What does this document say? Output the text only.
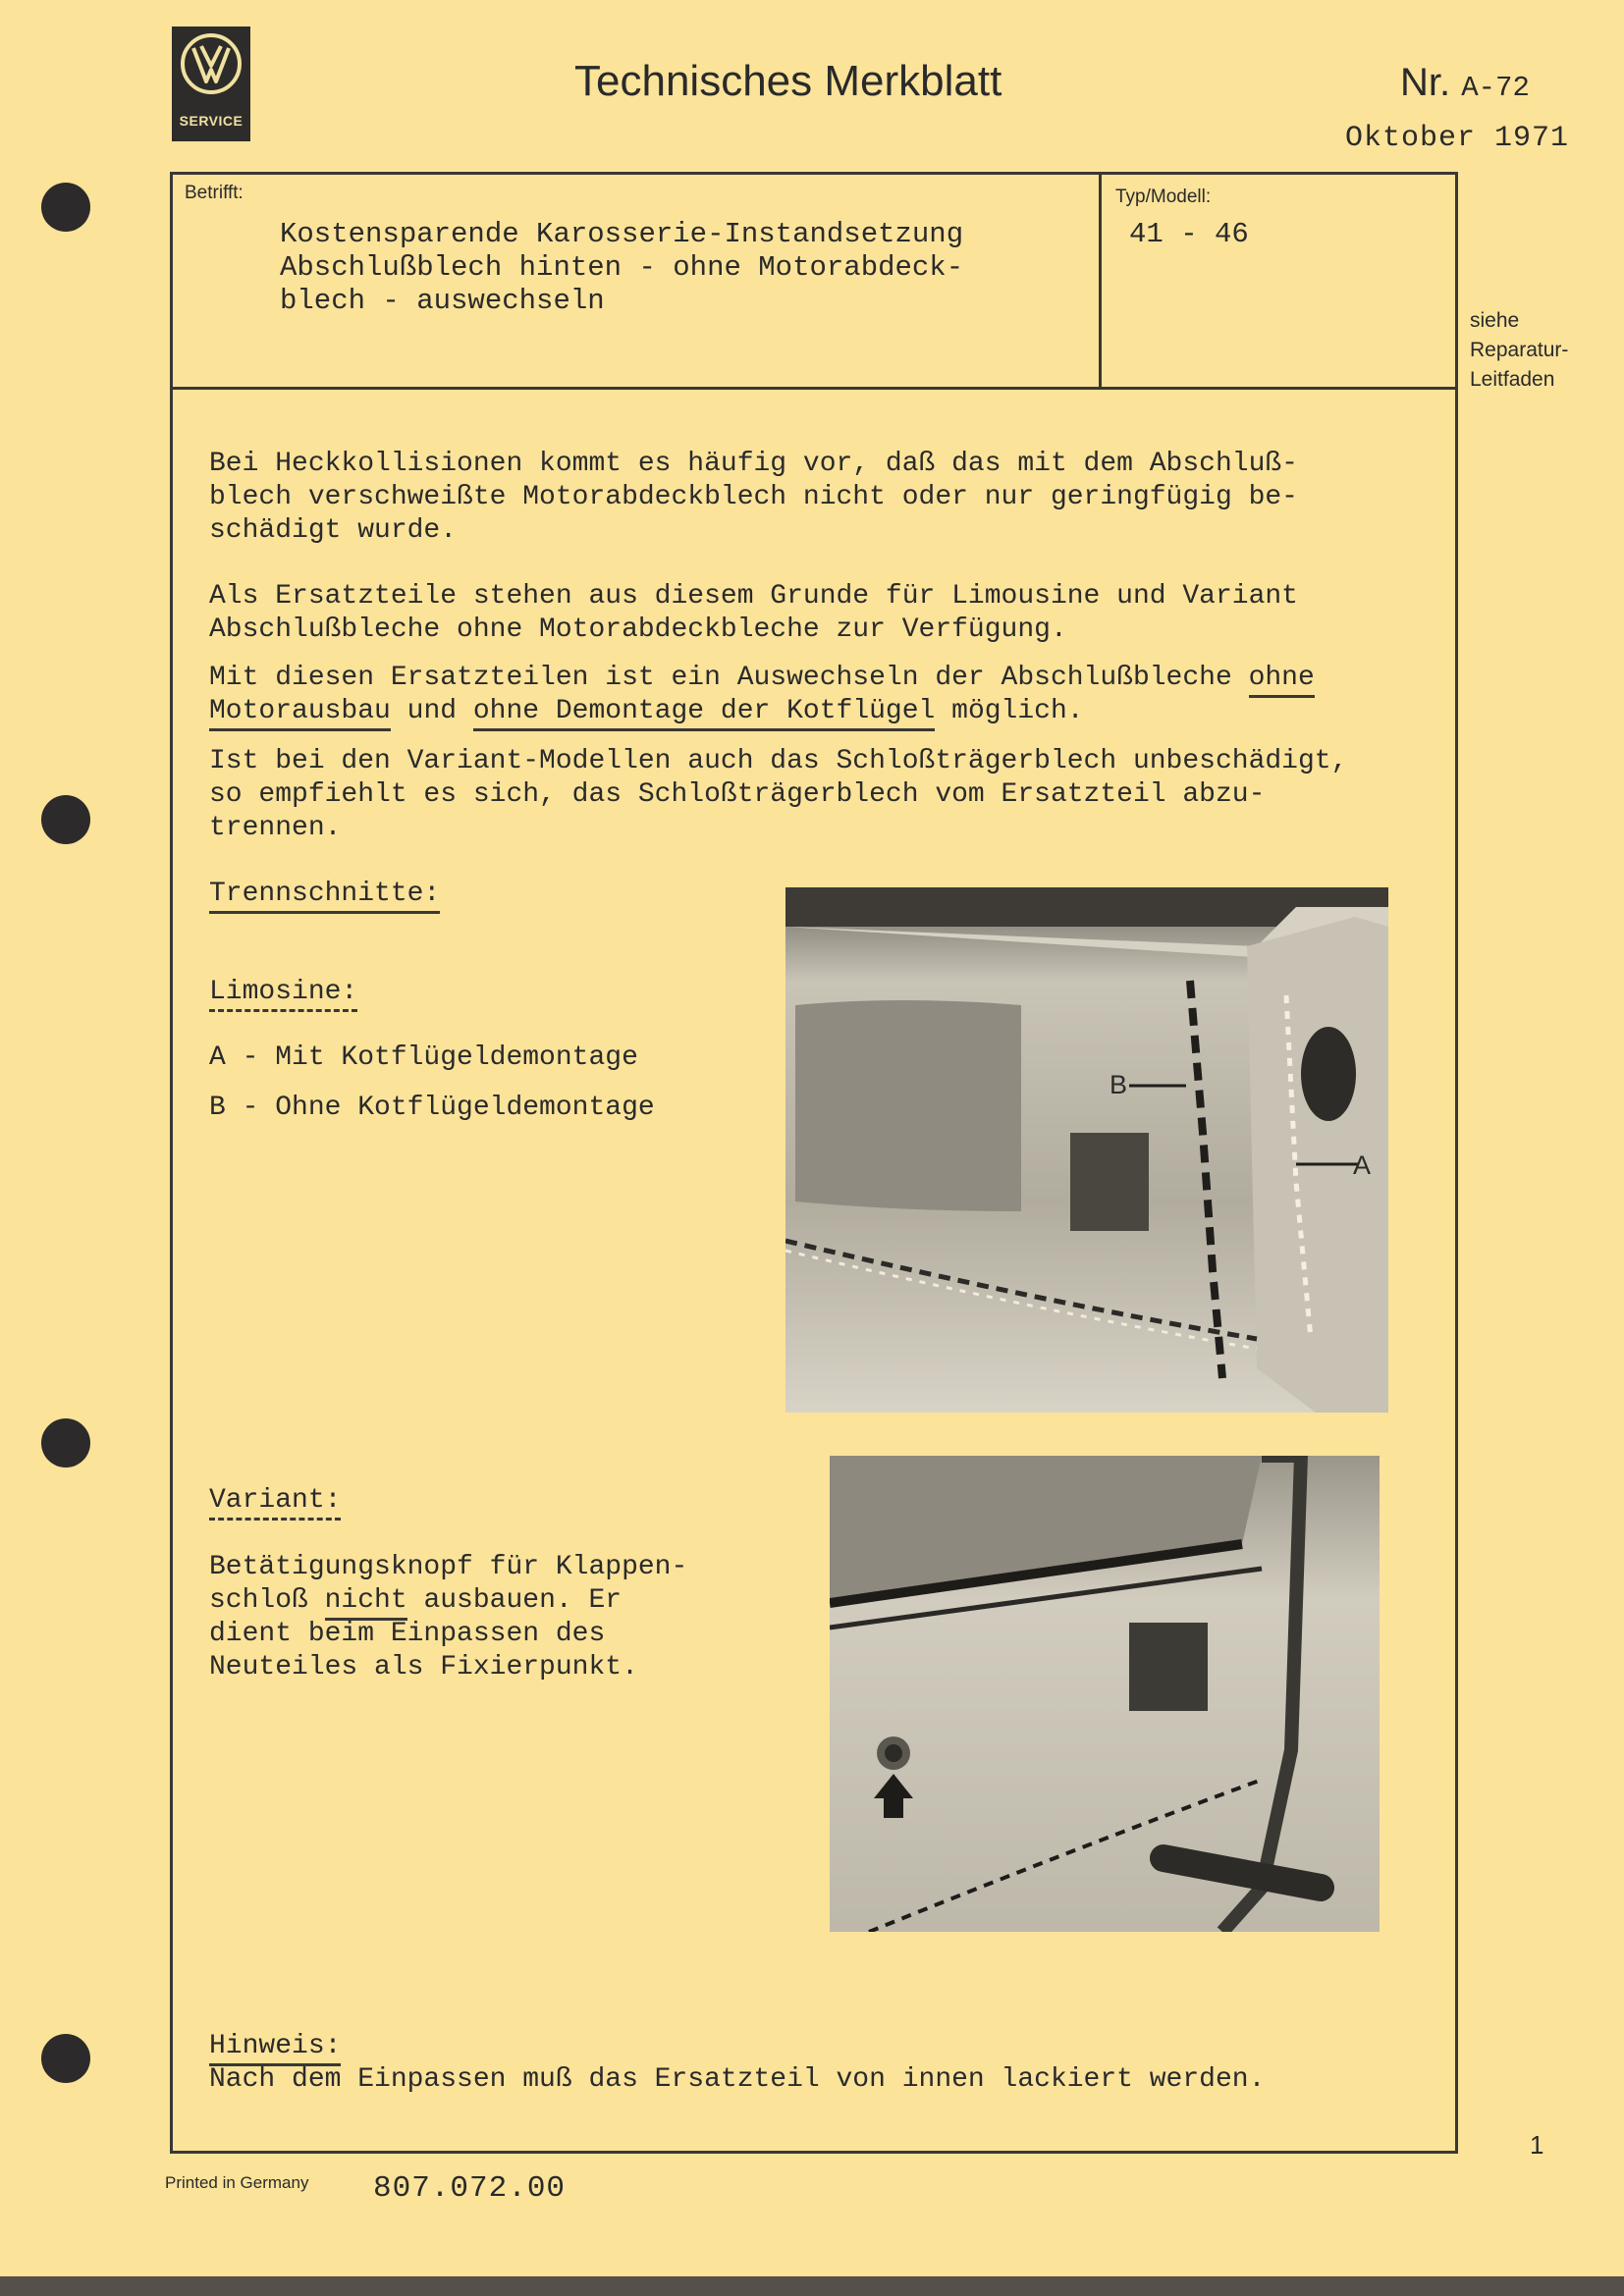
SERVICE
Technisches Merkblatt	Nr. A-72
Oktober 1971
Betrifft:
Kostensparende Karosserie-Instandsetzung
Abschlußblech hinten - ohne Motorabdeck-
blech - auswechseln
Typ/Modell:
41 - 46
siehe
Reparatur-
Leitfaden
Bei Heckkollisionen kommt es häufig vor, daß das mit dem Abschluß-
blech verschweißte Motorabdeckblech nicht oder nur geringfügig be-
schädigt wurde.
Als Ersatzteile stehen aus diesem Grunde für Limousine und Variant
Abschlußbleche ohne Motorabdeckbleche zur Verfügung.
Mit diesen Ersatzteilen ist ein Auswechseln der Abschlußbleche ohne
Motorausbau und ohne Demontage der Kotflügel möglich.
Ist bei den Variant-Modellen auch das Schloßträgerblech unbeschädigt,
so empfiehlt es sich, das Schloßträgerblech vom Ersatzteil abzu-
trennen.
Trennschnitte:
Limosine:
A - Mit Kotflügeldemontage
B - Ohne Kotflügeldemontage
B
A
Variant:
Betätigungsknopf für Klappen-
schloß nicht ausbauen. Er
dient beim Einpassen des
Neuteiles als Fixierpunkt.
Hinweis:
Nach dem Einpassen muß das Ersatzteil von innen lackiert werden.
1
Printed in Germany 807.072.00
